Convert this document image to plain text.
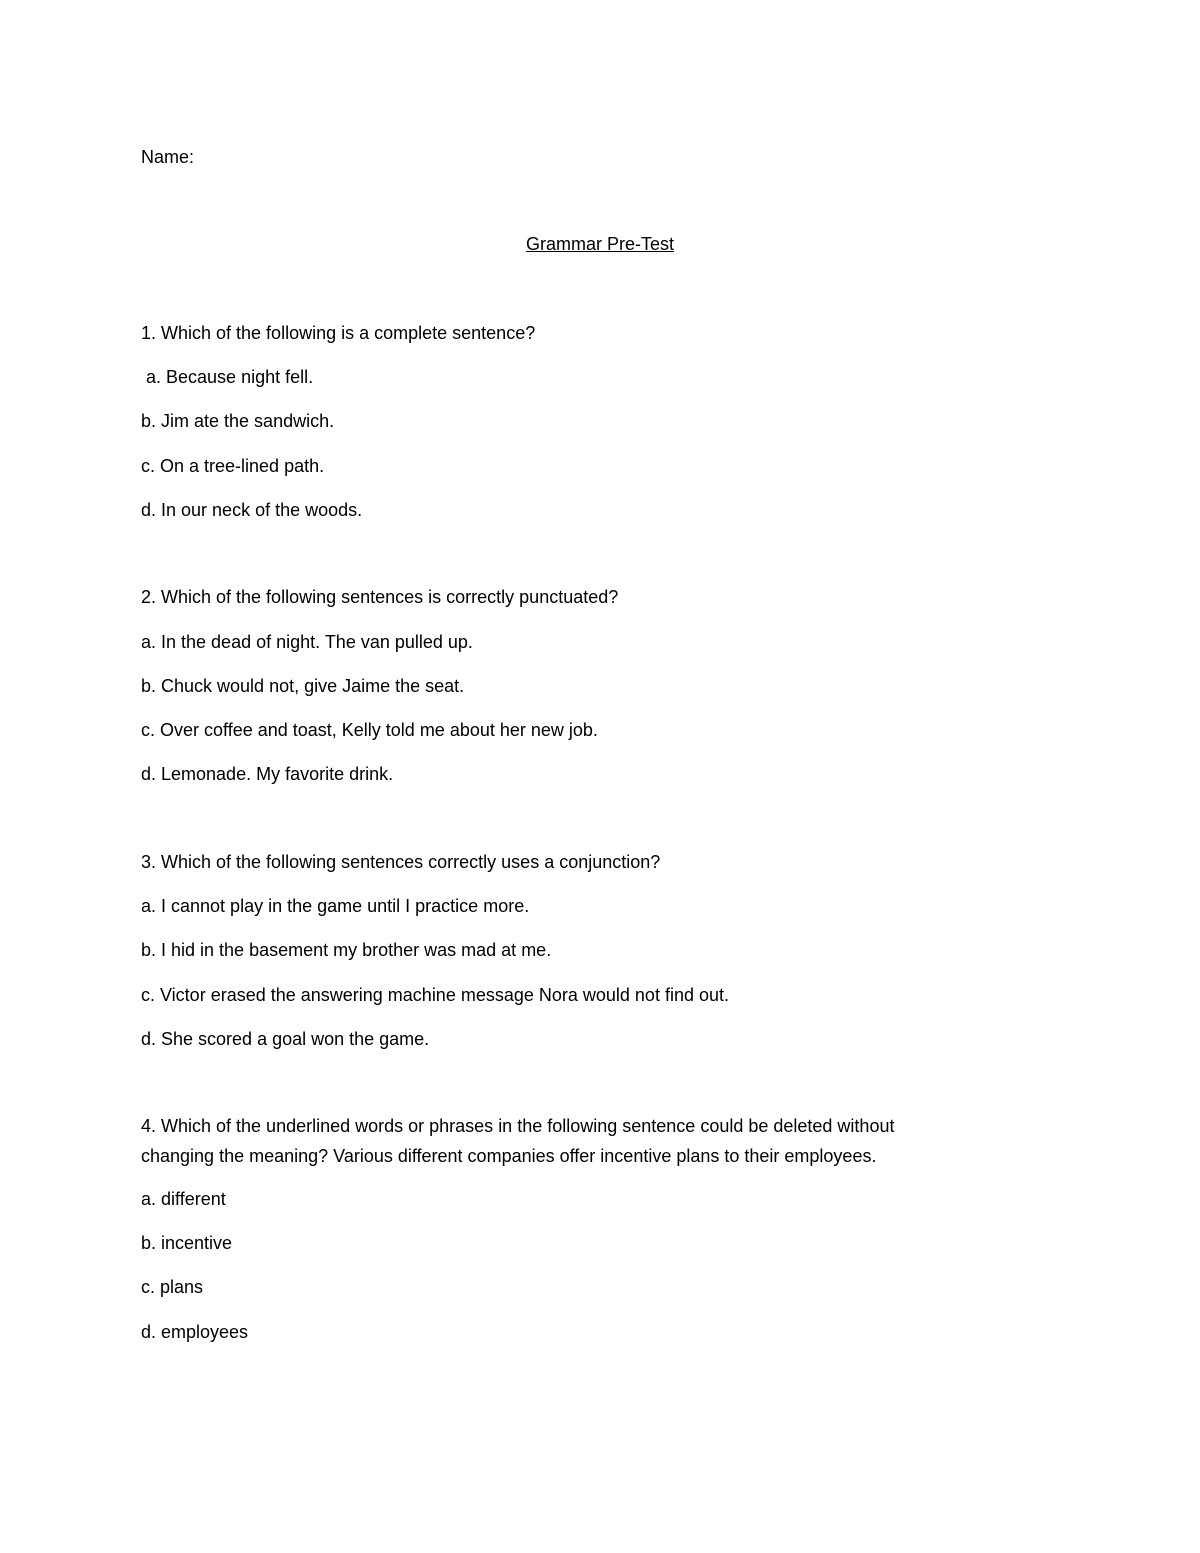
Name:
Grammar Pre-Test
1. Which of the following is a complete sentence?
a. Because night fell.
b. Jim ate the sandwich.
c. On a tree-lined path.
d. In our neck of the woods.
2. Which of the following sentences is correctly punctuated?
a. In the dead of night. The van pulled up.
b. Chuck would not, give Jaime the seat.
c. Over coffee and toast, Kelly told me about her new job.
d. Lemonade. My favorite drink.
3. Which of the following sentences correctly uses a conjunction?
a. I cannot play in the game until I practice more.
b. I hid in the basement my brother was mad at me.
c. Victor erased the answering machine message Nora would not find out.
d. She scored a goal won the game.
4. Which of the underlined words or phrases in the following sentence could be deleted without
changing the meaning? Various different companies offer incentive plans to their employees.
a. different
b. incentive
c. plans
d. employees
